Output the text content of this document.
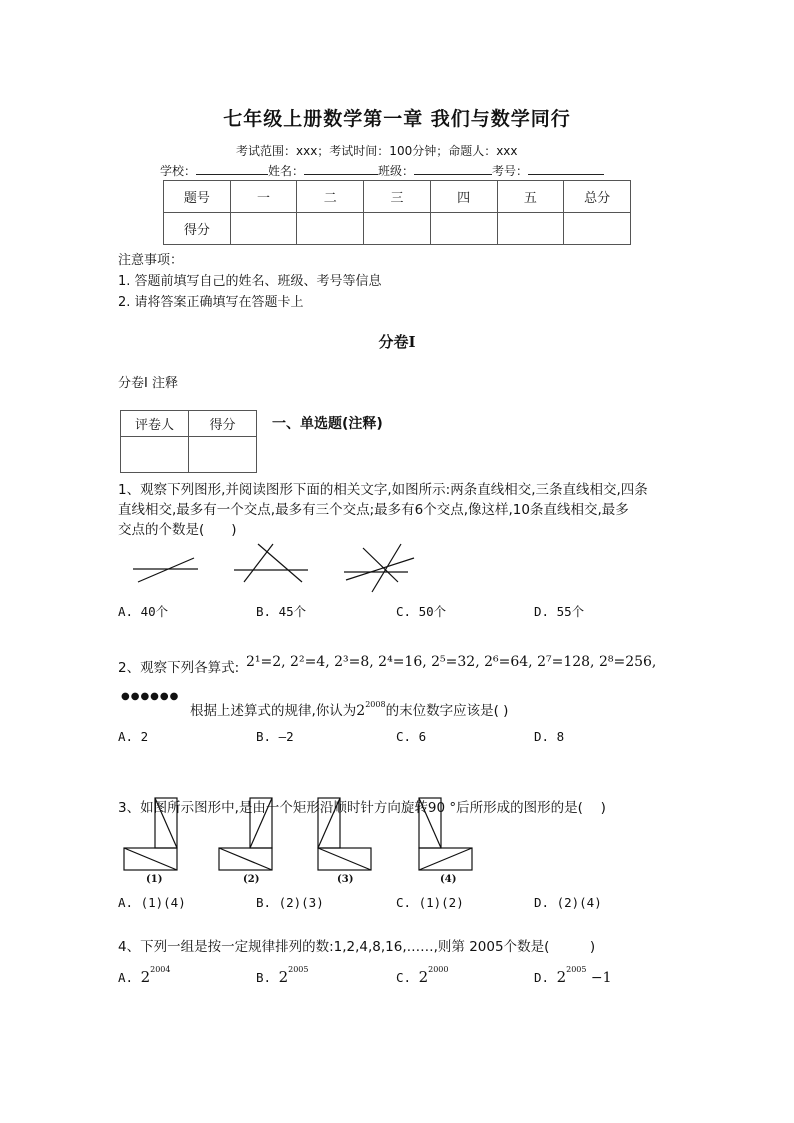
七年级上册数学第一章 我们与数学同行
考试范围：xxx；考试时间：100分钟；命题人：xxx
学校：	姓名：	班级：	考号：
题号	一	二	三	四	五	总分
得分						
注意事项：
1. 答题前填写自己的姓名、班级、考号等信息
2. 请将答案正确填写在答题卡上
分卷I
分卷I 注释
评卷人	得分
		一、单选题(注释)
1、观察下列图形,并阅读图形下面的相关文字,如图所示:两条直线相交,三条直线相交,四条
直线相交,最多有一个交点,最多有三个交点;最多有6个交点,像这样,10条直线相交,最多
交点的个数是(　　)
A. 40个	B. 45个	C. 50个	D. 55个
2、观察下列各算式: 2¹=2, 2²=4, 2³=8, 2⁴=16, 2⁵=32, 2⁶=64, 2⁷=128, 2⁸=256,
●●●●●●
根据上述算式的规律,你认为$2^{2008}$的末位数字应该是( )
A. 2	B. —2	C. 6	D. 8
3、如图所示图形中,是由一个矩形沿顺时针方向旋转90 °后所形成的图形的是(　 )
(1)	(2)	(3)	(4)
A. (1)(4)	B. (2)(3)	C. (1)(2)	D. (2)(4)
4、下列一组是按一定规律排列的数:1,2,4,8,16,……,则第 2005个数是(　　　)
A. $2^{2004}$
B. $2^{2005}$
C. $2^{2000}$
D. $2^{2005} -1$
